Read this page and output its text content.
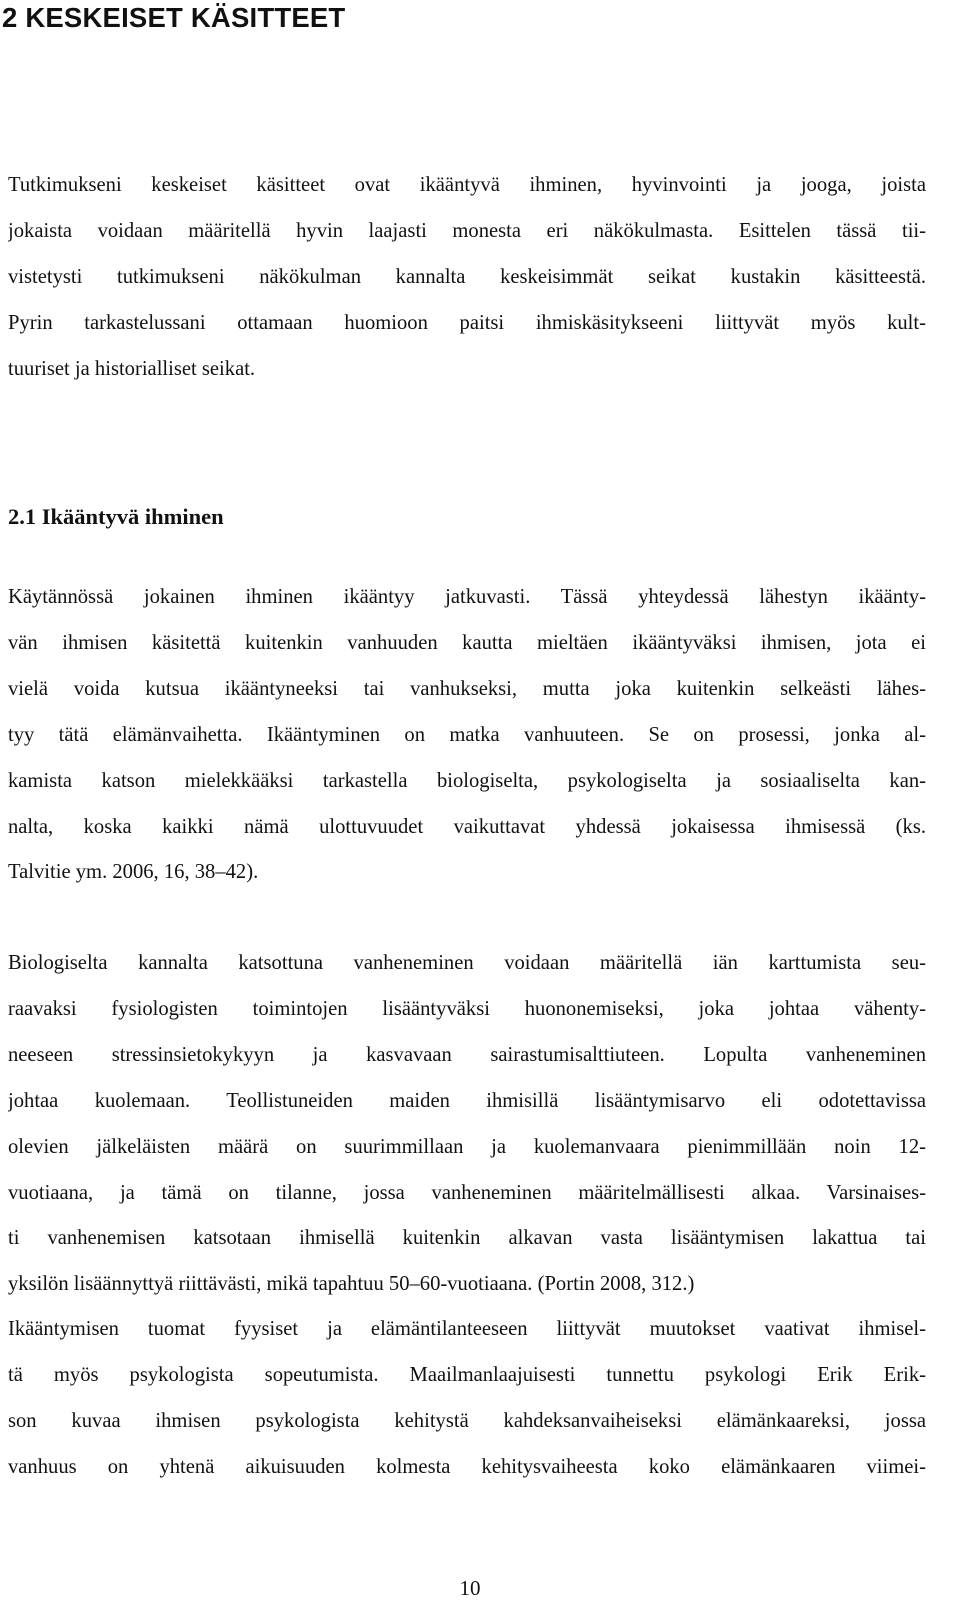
2 KESKEISET KÄSITTEET
Tutkimukseni keskeiset käsitteet ovat ikääntyvä ihminen, hyvinvointi ja jooga, joista
jokaista voidaan määritellä hyvin laajasti monesta eri näkökulmasta. Esittelen tässä tii-
vistetysti tutkimukseni näkökulman kannalta keskeisimmät seikat kustakin käsitteestä.
Pyrin tarkastelussani ottamaan huomioon paitsi ihmiskäsitykseeni liittyvät myös kult-
tuuriset ja historialliset seikat.
2.1 Ikääntyvä ihminen
Käytännössä jokainen ihminen ikääntyy jatkuvasti. Tässä yhteydessä lähestyn ikäänty-
vän ihmisen käsitettä kuitenkin vanhuuden kautta mieltäen ikääntyväksi ihmisen, jota ei
vielä voida kutsua ikääntyneeksi tai vanhukseksi, mutta joka kuitenkin selkeästi lähes-
tyy tätä elämänvaihetta. Ikääntyminen on matka vanhuuteen. Se on prosessi, jonka al-
kamista katson mielekkääksi tarkastella biologiselta, psykologiselta ja sosiaaliselta kan-
nalta, koska kaikki nämä ulottuvuudet vaikuttavat yhdessä jokaisessa ihmisessä (ks.
Talvitie ym. 2006, 16, 38–42).
Biologiselta kannalta katsottuna vanheneminen voidaan määritellä iän karttumista seu-
raavaksi fysiologisten toimintojen lisääntyväksi huononemiseksi, joka johtaa vähenty-
neeseen stressinsietokykyyn ja kasvavaan sairastumisalttiuteen. Lopulta vanheneminen
johtaa kuolemaan. Teollistuneiden maiden ihmisillä lisääntymisarvo eli odotettavissa
olevien jälkeläisten määrä on suurimmillaan ja kuolemanvaara pienimmillään noin 12-
vuotiaana, ja tämä on tilanne, jossa vanheneminen määritelmällisesti alkaa. Varsinaises-
ti vanhenemisen katsotaan ihmisellä kuitenkin alkavan vasta lisääntymisen lakattua tai
yksilön lisäännyttyä riittävästi, mikä tapahtuu 50–60-vuotiaana. (Portin 2008, 312.)
Ikääntymisen tuomat fyysiset ja elämäntilanteeseen liittyvät muutokset vaativat ihmisel-
tä myös psykologista sopeutumista. Maailmanlaajuisesti tunnettu psykologi Erik Erik-
son kuvaa ihmisen psykologista kehitystä kahdeksanvaiheiseksi elämänkaareksi, jossa
vanhuus on yhtenä aikuisuuden kolmesta kehitysvaiheesta koko elämänkaaren viimei-
10
